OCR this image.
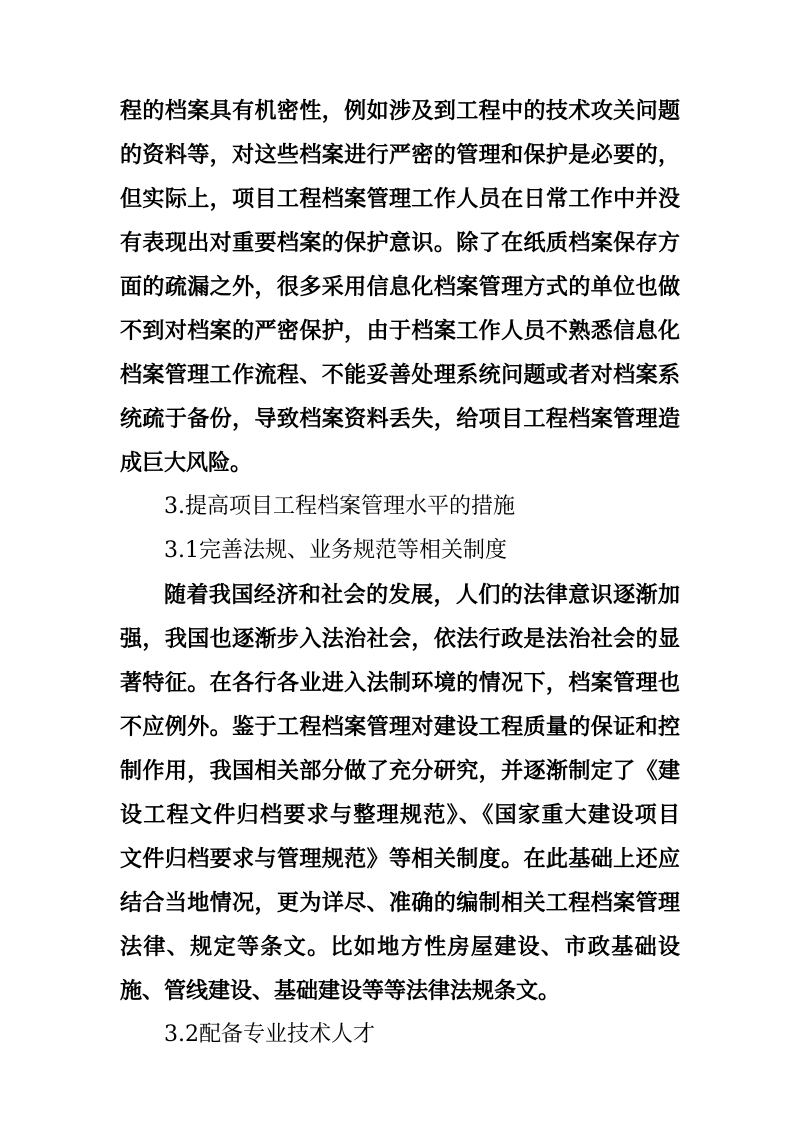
程的档案具有机密性，例如涉及到工程中的技术攻关问题
的资料等，对这些档案进行严密的管理和保护是必要的，
但实际上，项目工程档案管理工作人员在日常工作中并没
有表现出对重要档案的保护意识。除了在纸质档案保存方
面的疏漏之外，很多采用信息化档案管理方式的单位也做
不到对档案的严密保护，由于档案工作人员不熟悉信息化
档案管理工作流程、不能妥善处理系统问题或者对档案系
统疏于备份，导致档案资料丢失，给项目工程档案管理造
成巨大风险。
3.提高项目工程档案管理水平的措施
3.1完善法规、业务规范等相关制度
随着我国经济和社会的发展，人们的法律意识逐渐加
强，我国也逐渐步入法治社会，依法行政是法治社会的显
著特征。在各行各业进入法制环境的情况下，档案管理也
不应例外。鉴于工程档案管理对建设工程质量的保证和控
制作用，我国相关部分做了充分研究，并逐渐制定了《建
设工程文件归档要求与整理规范》、《国家重大建设项目
文件归档要求与管理规范》等相关制度。在此基础上还应
结合当地情况，更为详尽、准确的编制相关工程档案管理
法律、规定等条文。比如地方性房屋建设、市政基础设
施、管线建设、基础建设等等法律法规条文。
3.2配备专业技术人才
